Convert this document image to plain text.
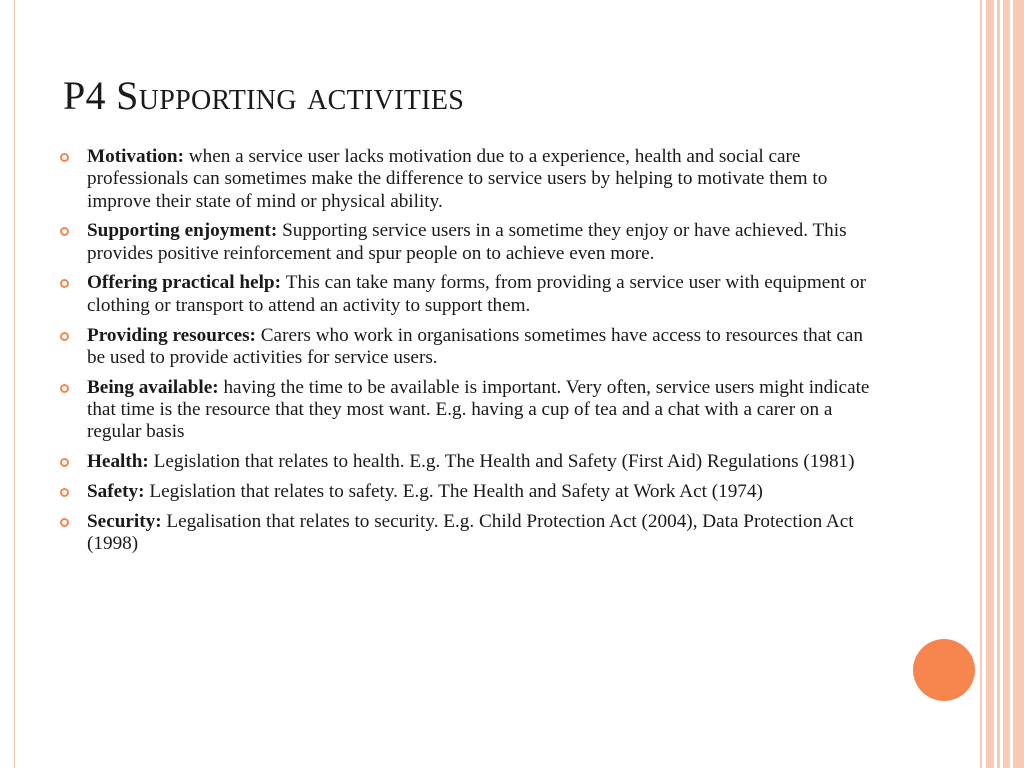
P4 Supporting activities
Motivation: when a service user lacks motivation due to a experience, health and social care professionals can sometimes make the difference to service users by helping to motivate them to improve their state of mind or physical ability.
Supporting enjoyment: Supporting service users in a sometime they enjoy or have achieved. This provides positive reinforcement and spur people on to achieve even more.
Offering practical help: This can take many forms, from providing a service user with equipment or clothing or transport to attend an activity to support them.
Providing resources: Carers who work in organisations sometimes have access to resources that can be used to provide activities for service users.
Being available: having the time to be available is important. Very often, service users might indicate that time is the resource that they most want. E.g. having a cup of tea and a chat with a carer on a regular basis
Health: Legislation that relates to health. E.g. The Health and Safety (First Aid) Regulations (1981)
Safety: Legislation that relates to safety. E.g. The Health and Safety at Work Act (1974)
Security: Legalisation that relates to security. E.g. Child Protection Act (2004), Data Protection Act (1998)
